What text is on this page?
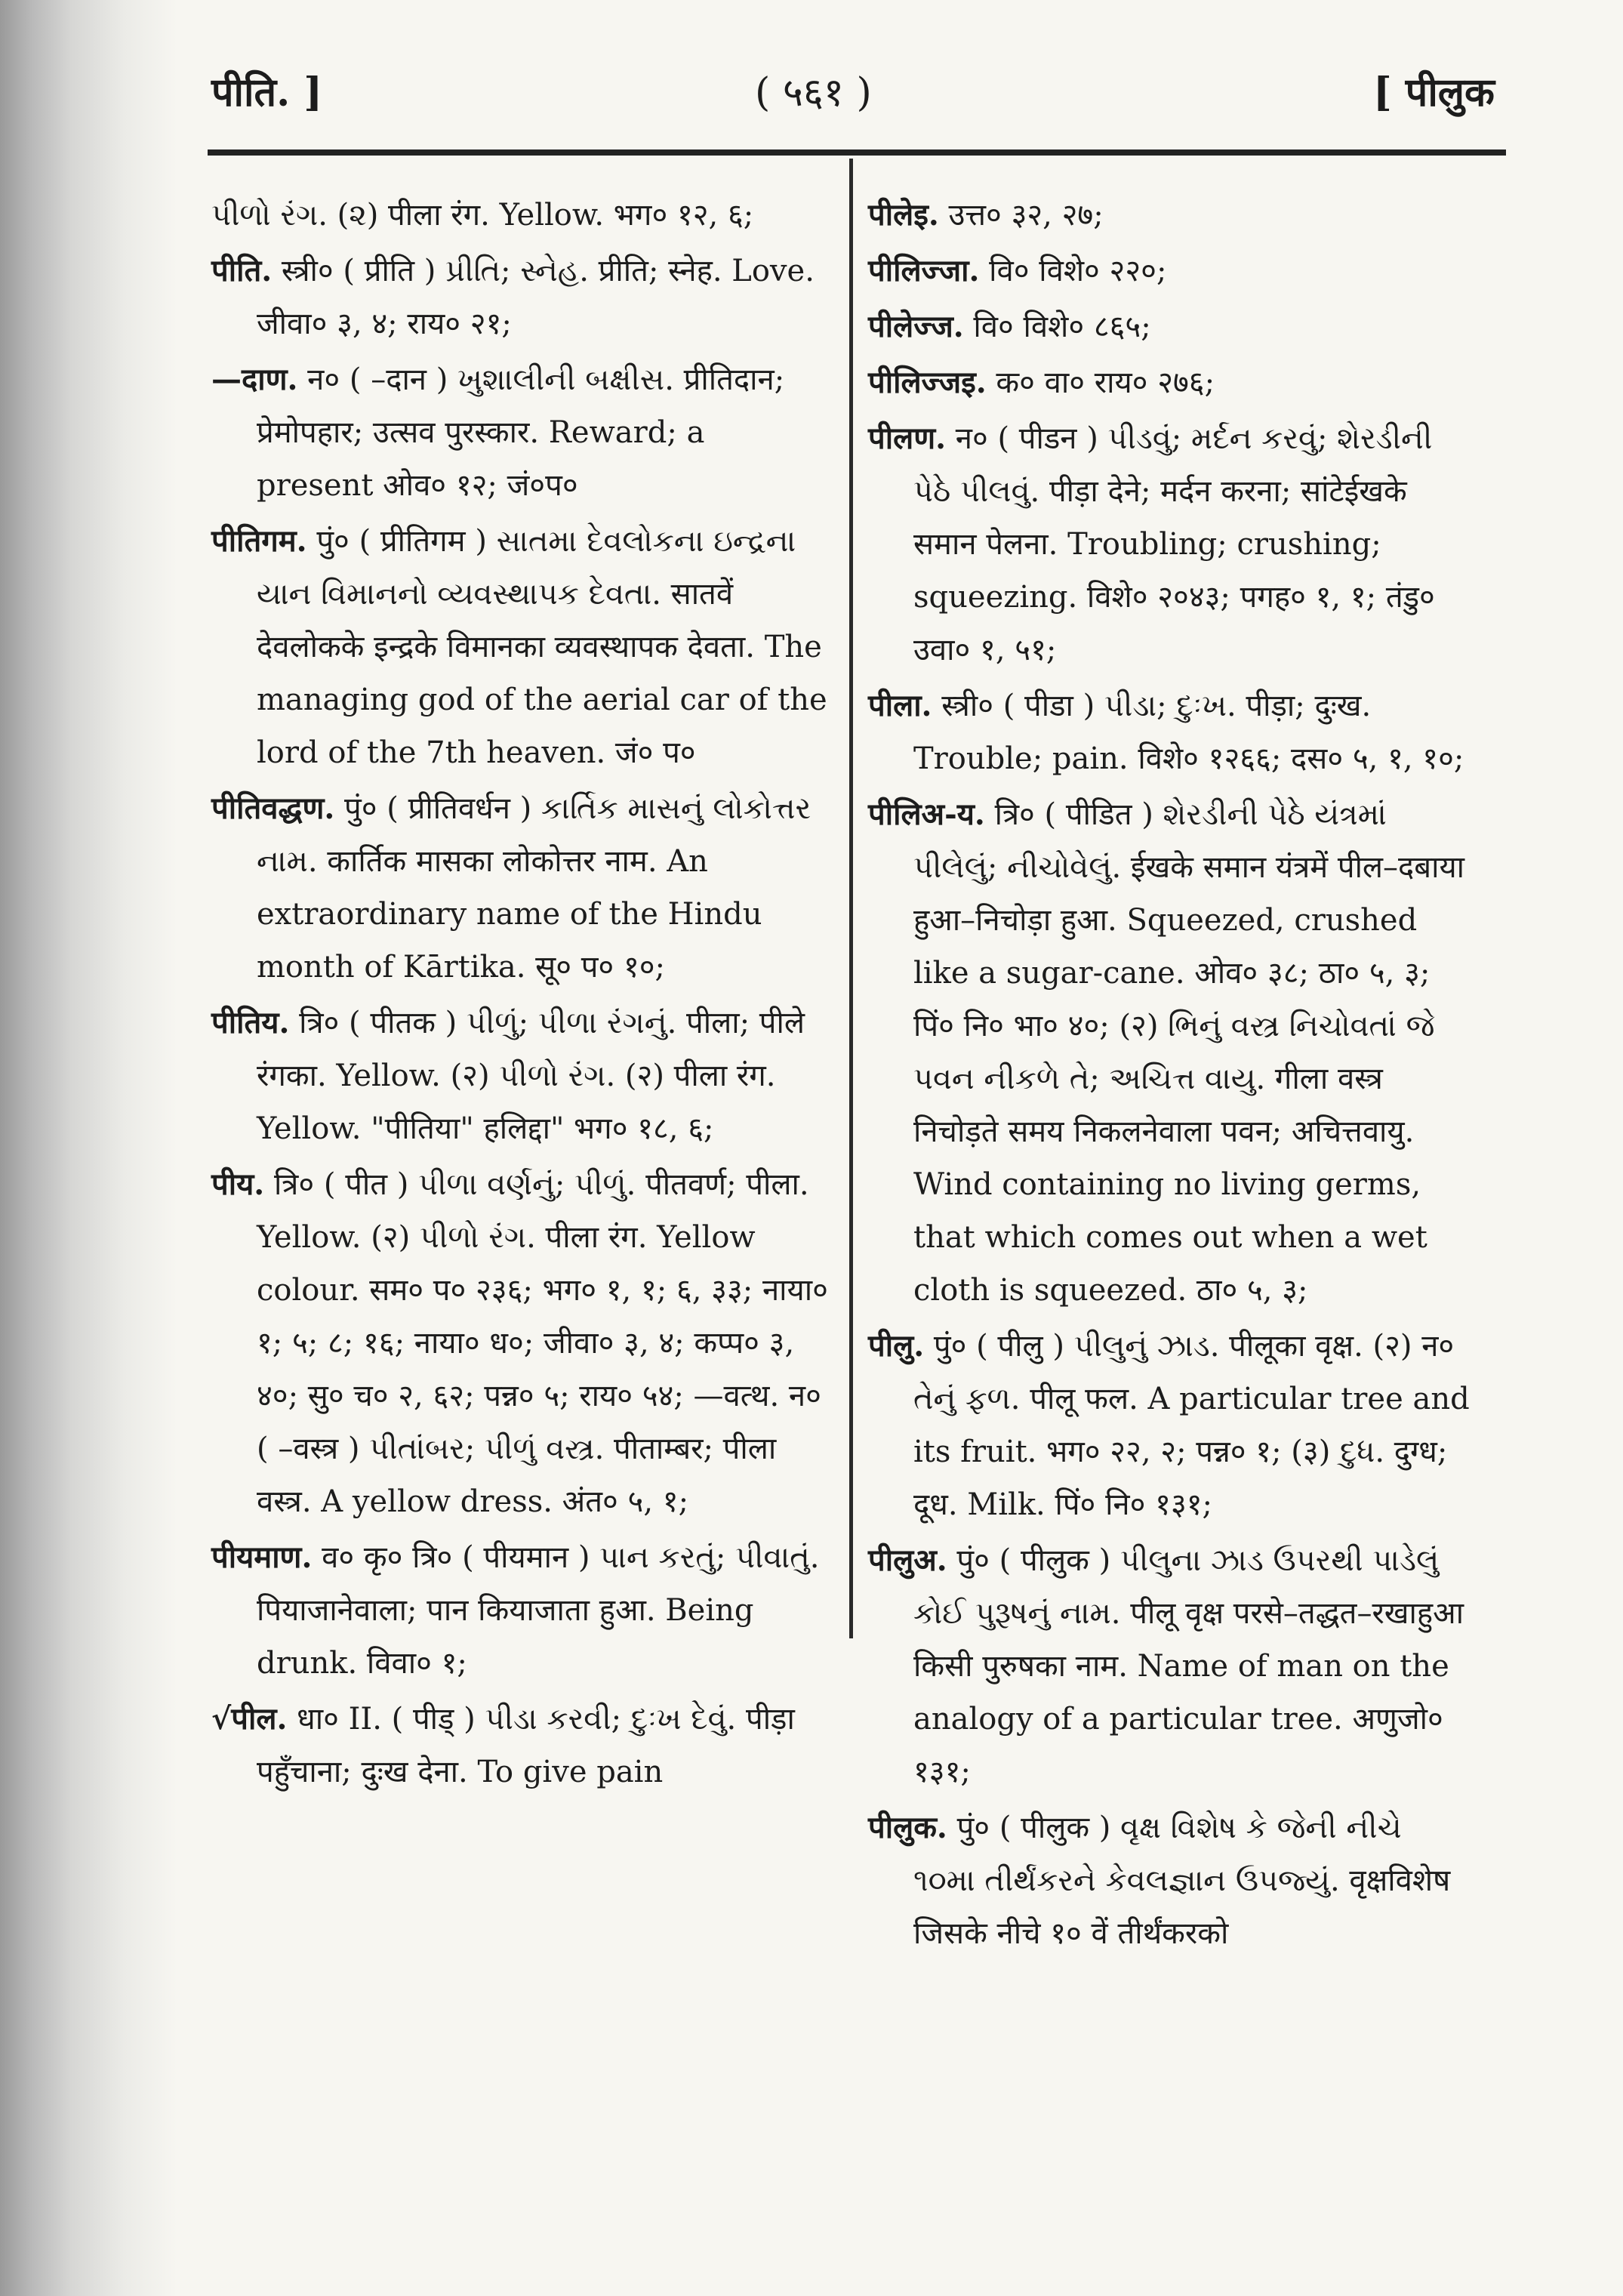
पीति. ]	( ५६१ )	[ पीलुक
પીળો રંગ. (૨) पीला रंग. Yellow. भग० १२, ६;
पीति. स्त्री० ( प्रीति ) પ્રીતિ; સ્નેહ. प्रीति; स्नेह. Love. जीवा० ३, ४; राय० २१;
—दाण. न० ( –दान ) ખુશાલીની બક્ષીસ. प्रीतिदान; प्रेमोपहार; उत्सव पुरस्कार. Reward; a present ओव० १२; जं०प०
पीतिगम. पुं० ( प्रीतिगम ) સાતમા દેવલોકના ઇન્દ્રના યાન વિમાનનો વ્યવસ્થાપક દેવતા. सातवें देवलोकके इन्द्रके विमानका व्यवस्थापक देवता. The managing god of the aerial car of the lord of the 7th heaven. जं० प०
पीतिवद्धण. पुं० ( प्रीतिवर्धन ) કાર્તિક માસનું લોકોત્તર નામ. कार्तिक मासका लोकोत्तर नाम. An extraordinary name of the Hindu month of Kārtika. सू० प० १०;
पीतिय. त्रि० ( पीतक ) પીળું; પીળા રંગનું. पीला; पीले रंगका. Yellow. (२) પીળો રંગ. (२) पीला रंग. Yellow. "पीतिया" हलिद्दा" भग० १८, ६;
पीय. त्रि० ( पीत ) પીળા વર્ણનું; પીળું. पीतवर्ण; पीला. Yellow. (२) પીળો રંગ. पीला रंग. Yellow colour. सम० प० २३६; भग० १, १; ६, ३३; नाया० १; ५; ८; १६; नाया० ध०; जीवा० ३, ४; कप्प० ३, ४०; सु० च० २, ६२; पन्न० ५; राय० ५४; —वत्थ. न० ( –वस्त्र ) પીતાંબર; પીળું વસ્ત્ર. पीताम्बर; पीला वस्त्र. A yellow dress. अंत० ५, १;
पीयमाण. व० कृ० त्रि० ( पीयमान ) પાન કરતું; પીવાતું. पियाजानेवाला; पान कियाजाता हुआ. Being drunk. विवा० १;
√पील. धा० II. ( पीड् ) પીડા કરવી; દુઃખ દેવું. पीड़ा पहुँचाना; दुःख देना. To give pain
पीलेइ. उत्त० ३२, २७;
पीलिज्जा. वि० विशे० २२०;
पीलेज्ज. वि० विशे० ८६५;
पीलिज्जइ. क० वा० राय० २७६;
पीलण. न० ( पीडन ) પીડવું; મર્દન કરવું; શેરડીની પેઠે પીલવું. पीड़ा देने; मर्दन करना; सांटेईखके समान पेलना. Troubling; crushing; squeezing. विशे० २०४३; पगह० १, १; तंडु० उवा० १, ५१;
पीला. स्त्री० ( पीडा ) પીડા; દુઃખ. पीड़ा; दुःख. Trouble; pain. विशे० १२६६; दस० ५, १, १०;
पीलिअ-य. त्रि० ( पीडित ) શેરડીની પેઠે યંત્રમાં પીલેલું; નીચોવેલું. ईखके समान यंत्रमें पील–दबाया हुआ–निचोड़ा हुआ. Squeezed, crushed like a sugar-cane. ओव० ३८; ठा० ५, ३; पिं० नि० भा० ४०; (२) ભિનું વસ્ત્ર નિચોવતાં જે પવન નીકળે તે; અચિત્ત વાયુ. गीला वस्त्र निचोड़ते समय निकलनेवाला पवन; अचित्तवायु. Wind containing no living germs, that which comes out when a wet cloth is squeezed. ठा० ५, ३;
पीलु. पुं० ( पीलु ) પીલુનું ઝાડ. पीलूका वृक्ष. (२) न० તેનું ફળ. पीलू फल. A particular tree and its fruit. भग० २२, २; पन्न० १; (३) દુધ. दुग्ध; दूध. Milk. पिं० नि० १३१;
पीलुअ. पुं० ( पीलुक ) પીલુના ઝાડ ઉપરથી પાડેલું કોઈ પુરૂષનું નામ. पीलू वृक्ष परसे–तद्धत–रखाहुआ किसी पुरुषका नाम. Name of man on the analogy of a particular tree. अणुजो० १३१;
पीलुक. पुं० ( पीलुक ) વૃક્ષ વિશેષ કે જેની નીચે ૧૦મા તીર્થંકરને કેવલજ્ઞાન ઉપજ્યું. वृक्षविशेष जिसके नीचे १० वें तीर्थंकरको
